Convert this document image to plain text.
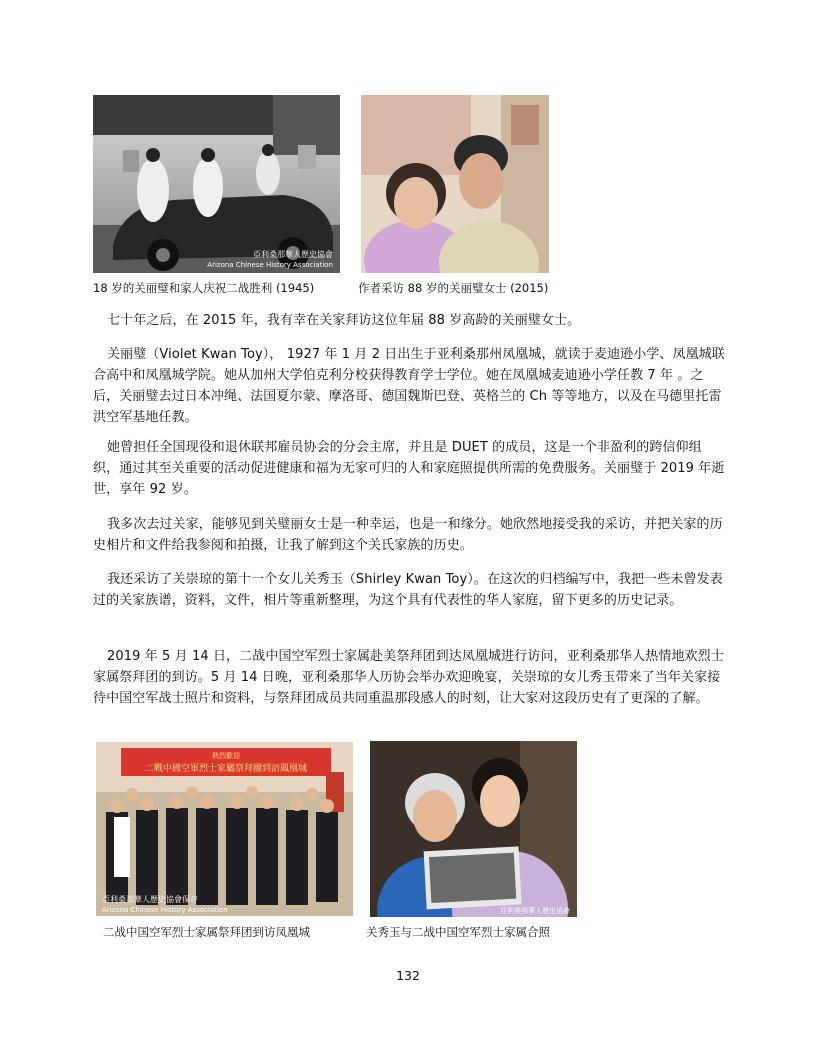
亞利桑那華人歷史協會
Arizona Chinese History Association
18 岁的关丽璧和家人庆祝二战胜利 (1945)	作者采访 88 岁的关丽璧女士 (2015)

七十年之后，在 2015 年，我有幸在关家拜访这位年届 88 岁高龄的关丽璧女士。

关丽璧（Violet Kwan Toy）， 1927 年 1 月 2 日出生于亚利桑那州凤凰城，就读于麦迪逊小学、凤凰城联合高中和凤凰城学院。她从加州大学伯克利分校获得教育学士学位。她在凤凰城麦迪逊小学任教 7 年 。之后，关丽璧去过日本冲绳、法国夏尔蒙、摩洛哥、德国魏斯巴登、英格兰的 Ch 等等地方，以及在马德里托雷洪空军基地任教。

她曾担任全国现役和退休联邦雇员协会的分会主席，并且是 DUET 的成员，这是一个非盈利的跨信仰组织，通过其至关重要的活动促进健康和福为无家可归的人和家庭照提供所需的免费服务。关丽璧于 2019 年逝世，享年 92 岁。

我多次去过关家，能够见到关璧丽女士是一种幸运，也是一和缘分。她欣然地接受我的采访，并把关家的历史相片和文件给我参阅和拍摄，让我了解到这个关氏家族的历史。

我还采访了关崇琼的第十一个女儿关秀玉（Shirley Kwan Toy）。在这次的归档编写中，我把一些未曾发表过的关家族谱，资料，文件，相片等重新整理，为这个具有代表性的华人家庭，留下更多的历史记录。

2019 年 5 月 14 日，二战中国空军烈士家属赴美祭拜团到达凤凰城进行访问，亚利桑那华人热情地欢烈士家属祭拜团的到访。5 月 14 日晚，亚利桑那华人历协会举办欢迎晚宴，关崇琼的女儿秀玉带来了当年关家接待中国空军战士照片和资料，与祭拜团成员共同重温那段感人的时刻，让大家对这段历史有了更深的了解。

熱烈歡迎
二戰中國空軍烈士家屬祭拜團到訪鳳凰城
亞利桑那華人歷史協會保存
Arizona Chinese History Association
二战中国空军烈士家属祭拜团到访凤凰城
亞利桑那華人歷史協會
关秀玉与二战中国空军烈士家属合照
132
